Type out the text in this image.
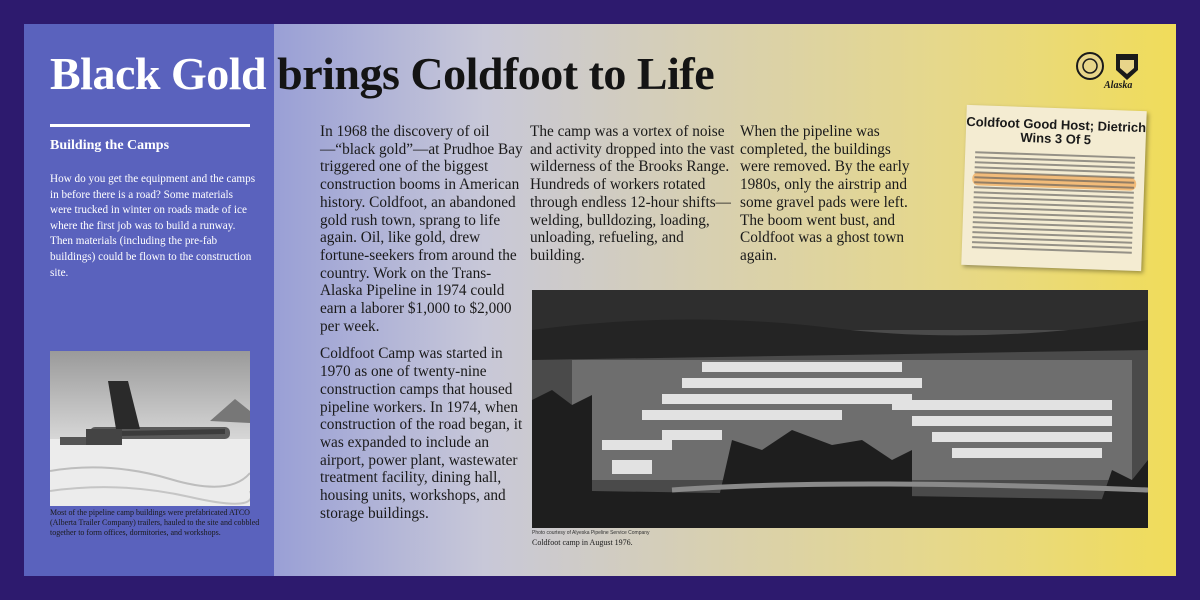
Black Gold brings Coldfoot to Life
Building the Camps
How do you get the equipment and the camps in before there is a road? Some materials were trucked in winter on roads made of ice where the first job was to build a runway. Then materials (including the pre-fab buildings) could be flown to the construction site.
Most of the pipeline camp buildings were prefabricated ATCO (Alberta Trailer Company) trailers, hauled to the site and cobbled together to form offices, dormitories, and workshops.

In 1968 the discovery of oil—“black gold”—at Prudhoe Bay triggered one of the biggest construction booms in American history. Coldfoot, an abandoned gold rush town, sprang to life again. Oil, like gold, drew fortune-seekers from around the country. Work on the Trans-Alaska Pipeline in 1974 could earn a laborer $1,000 to $2,000 per week.

Coldfoot Camp was started in 1970 as one of twenty-nine construction camps that housed pipeline workers. In 1974, when construction of the road began, it was expanded to include an airport, power plant, wastewater treatment facility, dining hall, housing units, workshops, and storage buildings.

The camp was a vortex of noise and activity dropped into the vast wilderness of the Brooks Range. Hundreds of workers rotated through endless 12-hour shifts—welding, bulldozing, loading, unloading, refueling, and building.

When the pipeline was completed, the buildings were removed. By the early 1980s, only the airstrip and some gravel pads were left. The boom went bust, and Coldfoot was a ghost town again.

Alaska
Coldfoot Good Host; Dietrich Wins 3 Of 5
Photo courtesy of Alyeska Pipeline Service Company
Coldfoot camp in August 1976.
